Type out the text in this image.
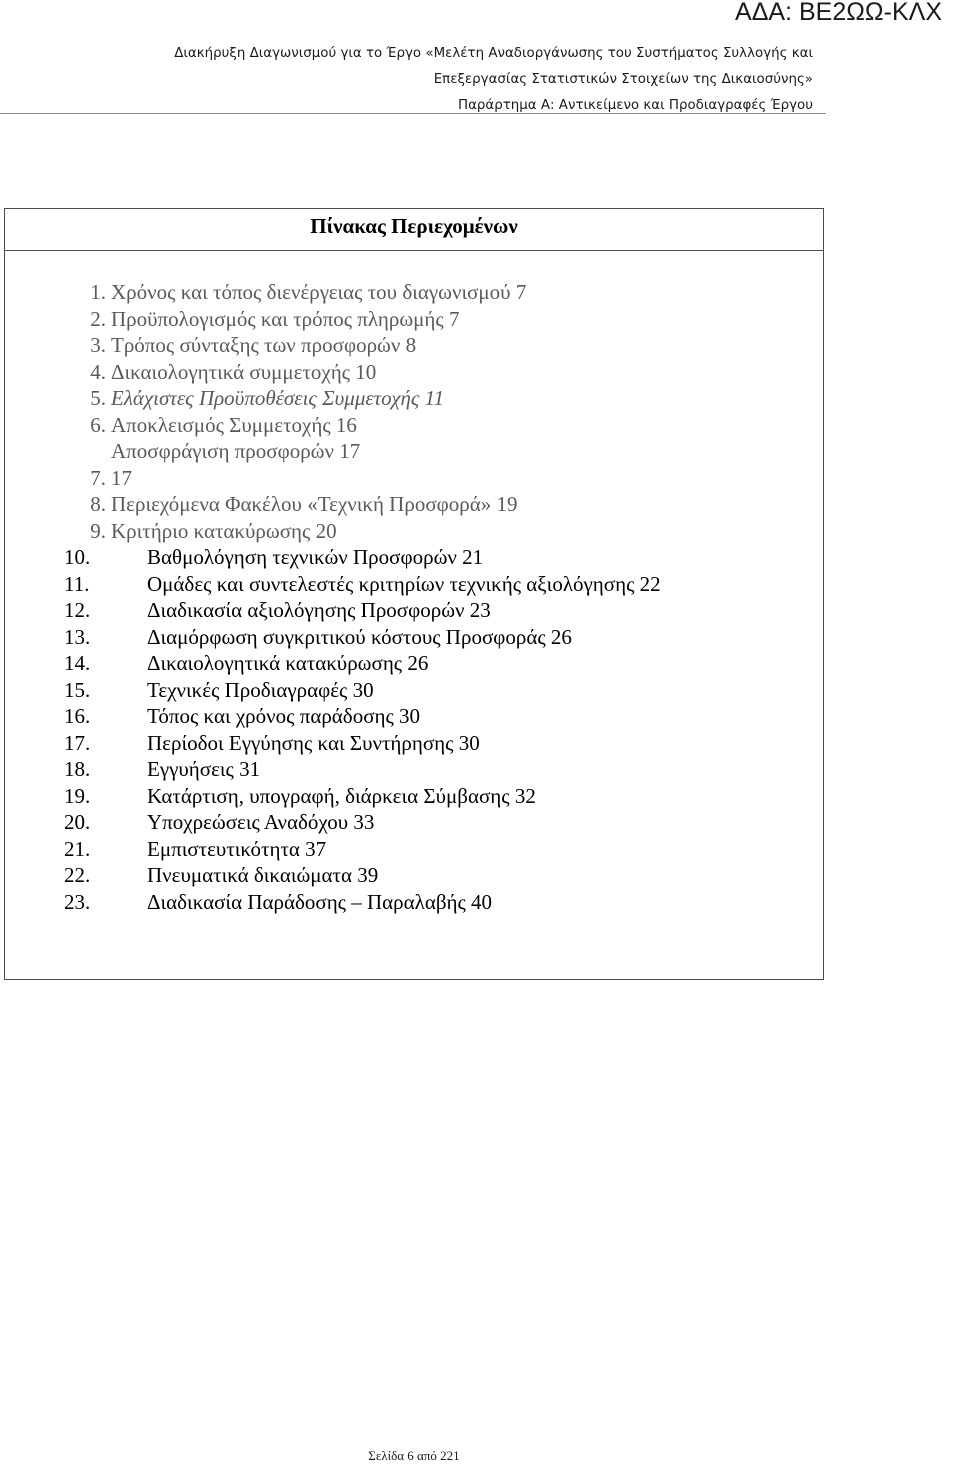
ΑΔΑ: ΒΕ2ΩΩ-ΚΛΧ
Διακήρυξη Διαγωνισμού για το Έργο «Μελέτη Αναδιοργάνωσης του Συστήματος Συλλογής και
Επεξεργασίας Στατιστικών Στοιχείων της Δικαιοσύνης»
Παράρτημα Α: Αντικείμενο και Προδιαγραφές Έργου
Πίνακας Περιεχομένων
1. Χρόνος και τόπος διενέργειας του διαγωνισμού 7
2. Προϋπολογισμός και τρόπος πληρωμής 7
3. Τρόπος σύνταξης των προσφορών 8
4. Δικαιολογητικά συμμετοχής 10
5. Ελάχιστες Προϋποθέσεις Συμμετοχής 11
6. Αποκλεισμός Συμμετοχής 16
Αποσφράγιση προσφορών 17
7. 17
8. Περιεχόμενα Φακέλου «Τεχνική Προσφορά» 19
9. Κριτήριο κατακύρωσης 20
10.	Βαθμολόγηση τεχνικών Προσφορών 21
11.	Ομάδες και συντελεστές κριτηρίων τεχνικής αξιολόγησης 22
12.	Διαδικασία αξιολόγησης Προσφορών 23
13.	Διαμόρφωση συγκριτικού κόστους Προσφοράς 26
14.	Δικαιολογητικά κατακύρωσης 26
15.	Τεχνικές Προδιαγραφές 30
16.	Τόπος και χρόνος παράδοσης 30
17.	Περίοδοι Εγγύησης και Συντήρησης 30
18.	Εγγυήσεις 31
19.	Κατάρτιση, υπογραφή, διάρκεια Σύμβασης 32
20.	Υποχρεώσεις Αναδόχου 33
21.	Εμπιστευτικότητα 37
22.	Πνευματικά δικαιώματα 39
23.	Διαδικασία Παράδοσης – Παραλαβής 40
Σελίδα 6 από 221
